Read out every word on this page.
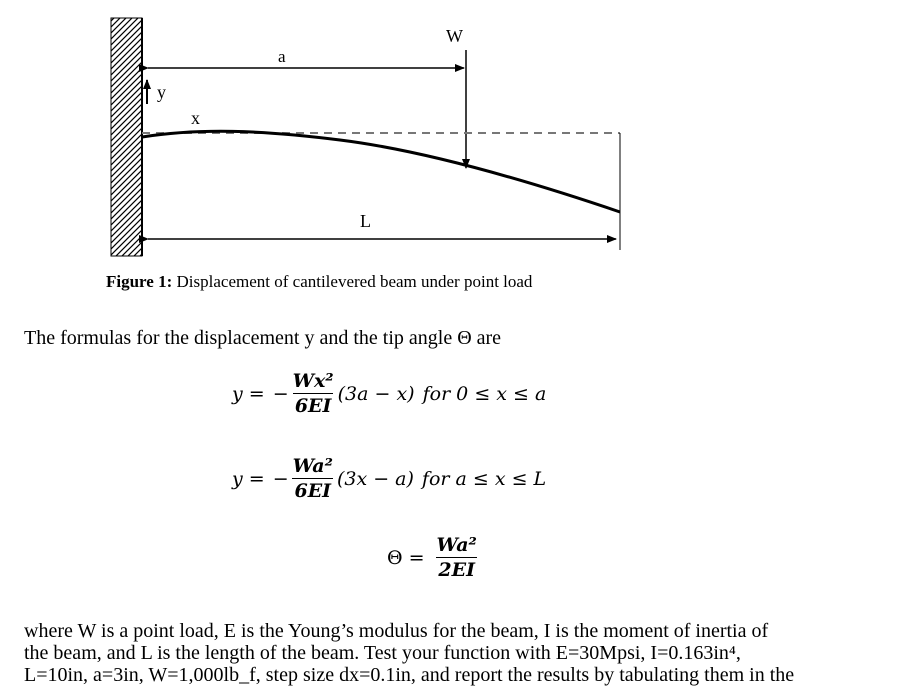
a
y
x
W
L
Figure 1: Displacement of cantilevered beam under point load
The formulas for the displacement y and the tip angle Θ are
y = − $\frac{\text{Wx²}}{6EI} (3a - x)$ for 0 ≤ x ≤ a
y = − $\frac{\text{Wa²}}{6EI} (3x - a)$ for a ≤ x ≤ L
$\Theta = \frac{\text{Wa²}}{2EI}$

where W is a point load, E is the Young’s modulus for the beam, I is the moment of inertia of

the beam, and L is the length of the beam. Test your function with E=30Mpsi, I=0.163in⁴,

L=10in, a=3in, W=1,000lb_f, step size dx=0.1in, and report the results by tabulating them in the
